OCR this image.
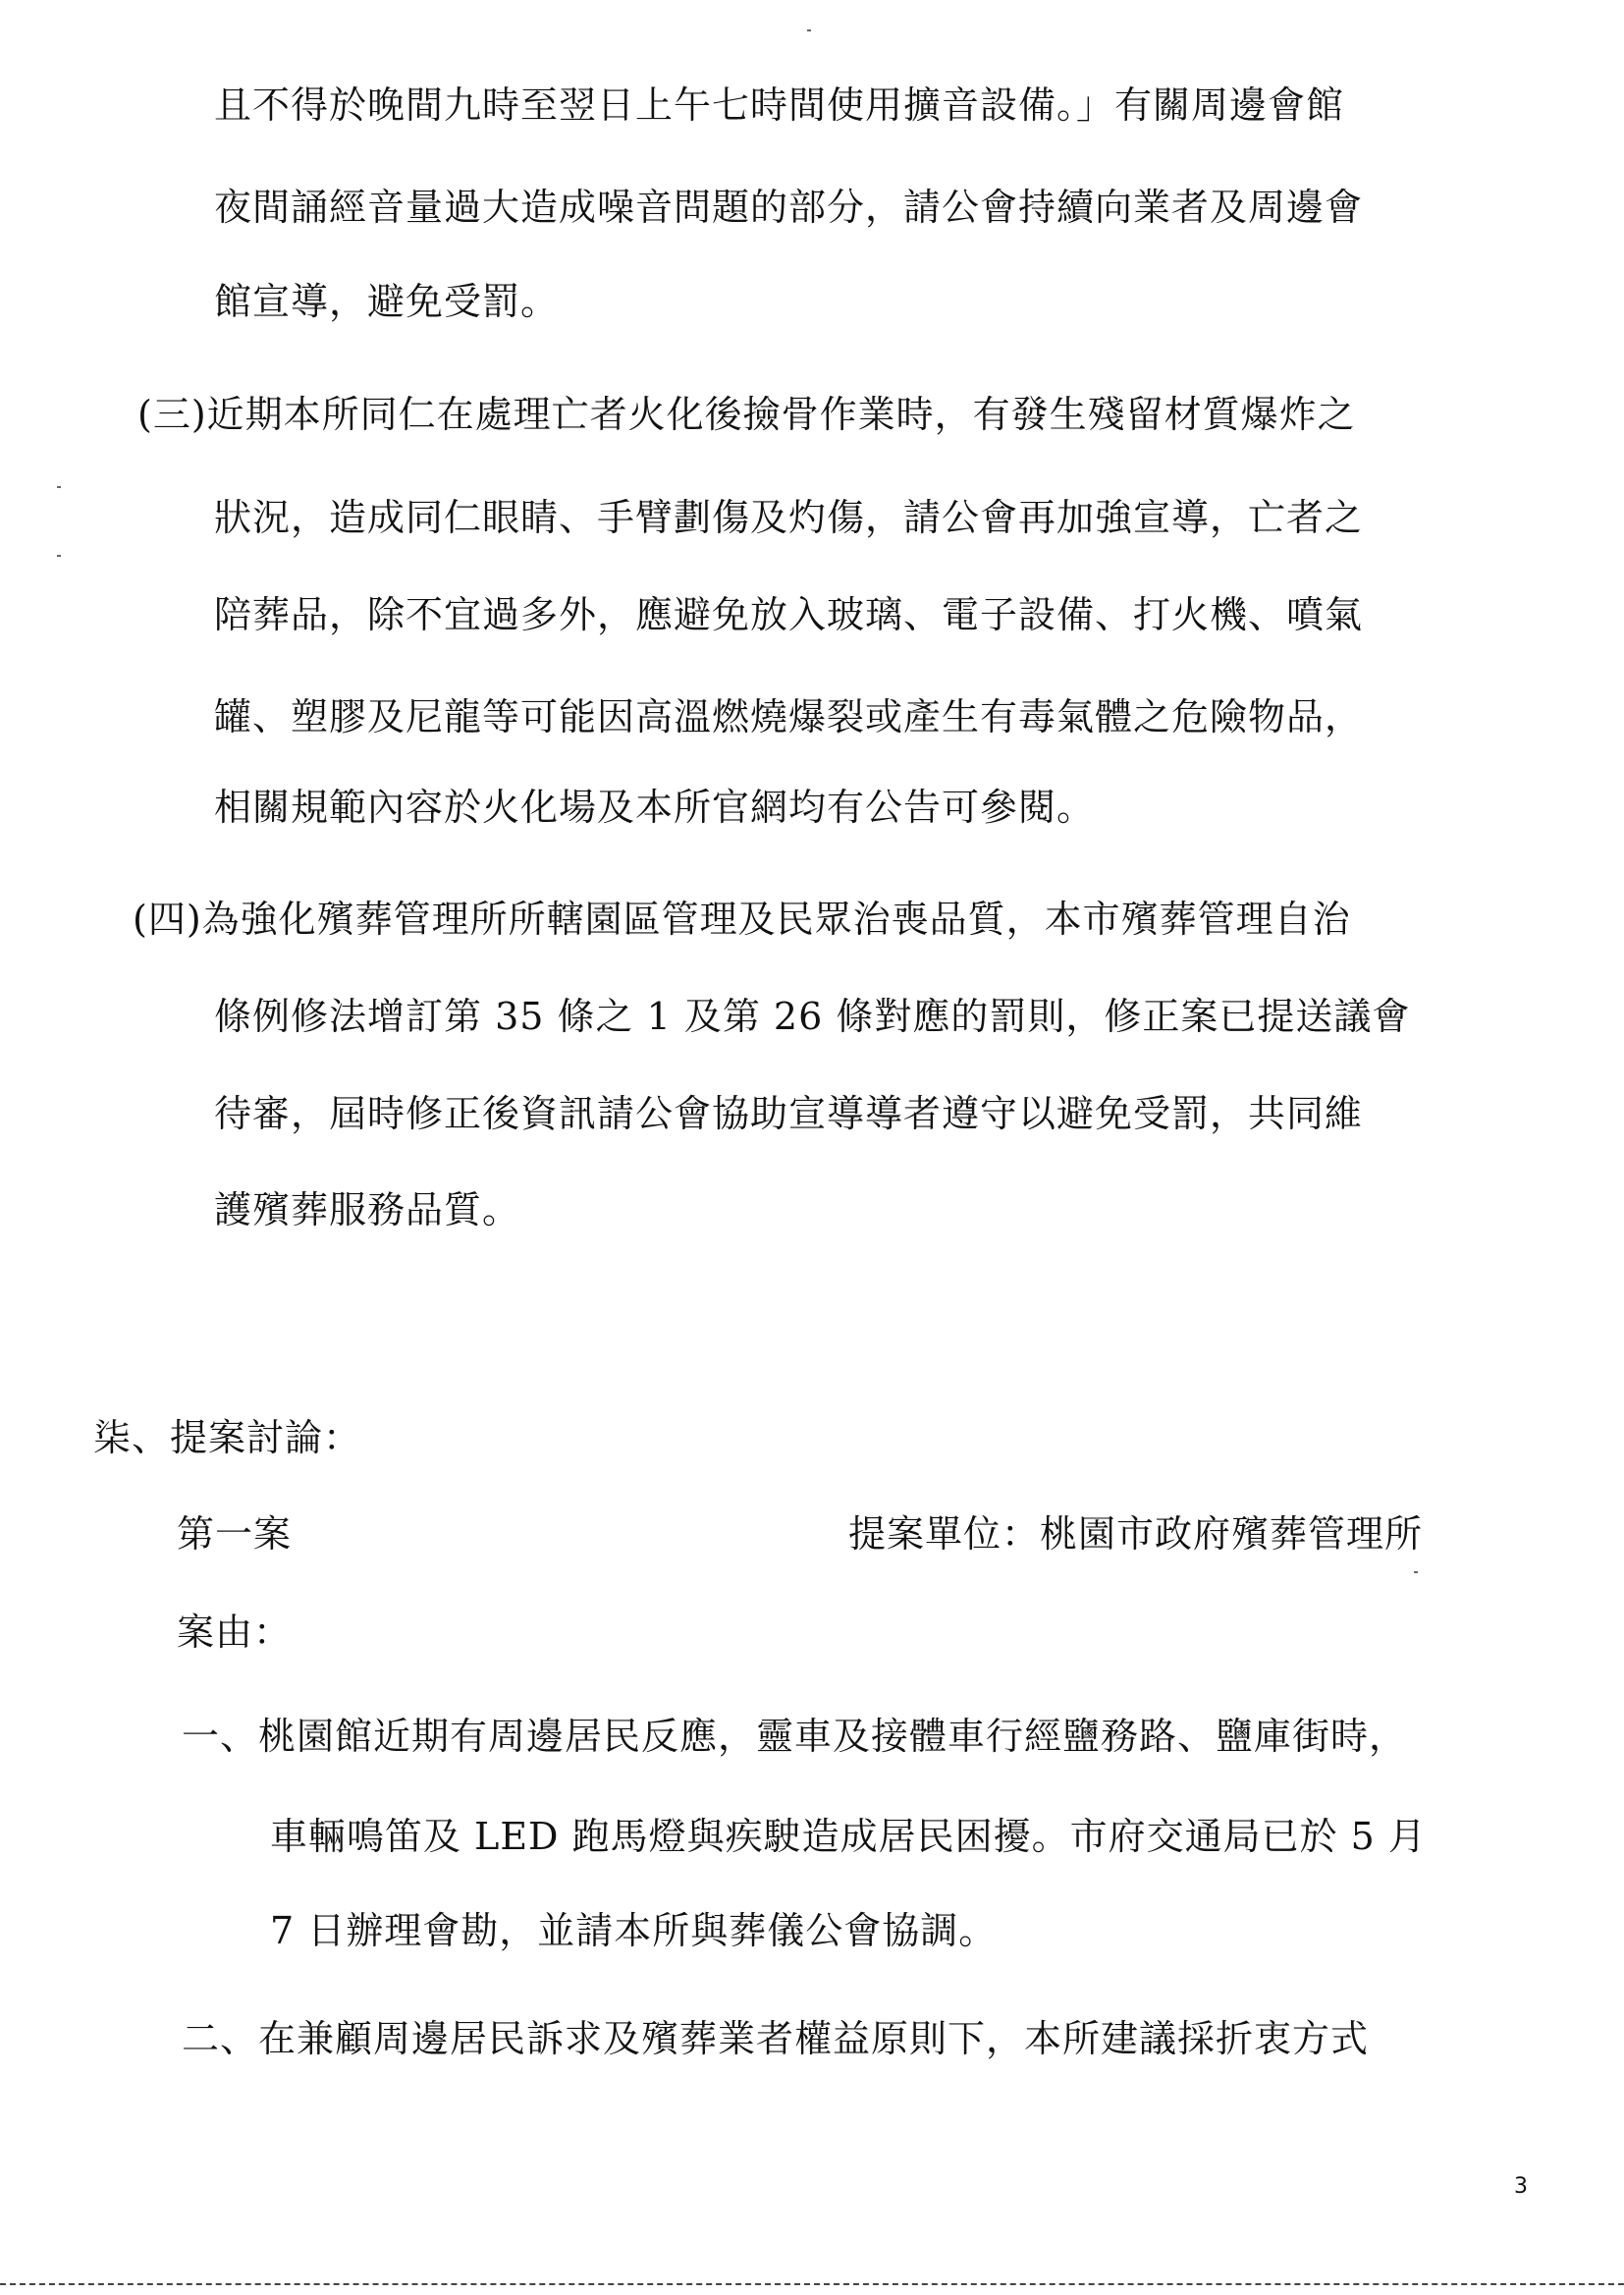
且不得於晚間九時至翌日上午七時間使用擴音設備。」有關周邊會館
夜間誦經音量過大造成噪音問題的部分，請公會持續向業者及周邊會
館宣導，避免受罰。
(三)近期本所同仁在處理亡者火化後撿骨作業時，有發生殘留材質爆炸之
狀況，造成同仁眼睛、手臂劃傷及灼傷，請公會再加強宣導，亡者之
陪葬品，除不宜過多外，應避免放入玻璃、電子設備、打火機、噴氣
罐、塑膠及尼龍等可能因高溫燃燒爆裂或產生有毒氣體之危險物品，
相關規範內容於火化場及本所官網均有公告可參閱。
(四)為強化殯葬管理所所轄園區管理及民眾治喪品質，本市殯葬管理自治
條例修法增訂第 35 條之 1 及第 26 條對應的罰則，修正案已提送議會
待審，屆時修正後資訊請公會協助宣導導者遵守以避免受罰，共同維
護殯葬服務品質。
柒、提案討論：
第一案	提案單位：桃園市政府殯葬管理所
案由：
一、桃園館近期有周邊居民反應，靈車及接體車行經鹽務路、鹽庫街時，
車輛鳴笛及 LED 跑馬燈與疾駛造成居民困擾。市府交通局已於 5 月
7 日辦理會勘，並請本所與葬儀公會協調。
二、在兼顧周邊居民訴求及殯葬業者權益原則下，本所建議採折衷方式
3
